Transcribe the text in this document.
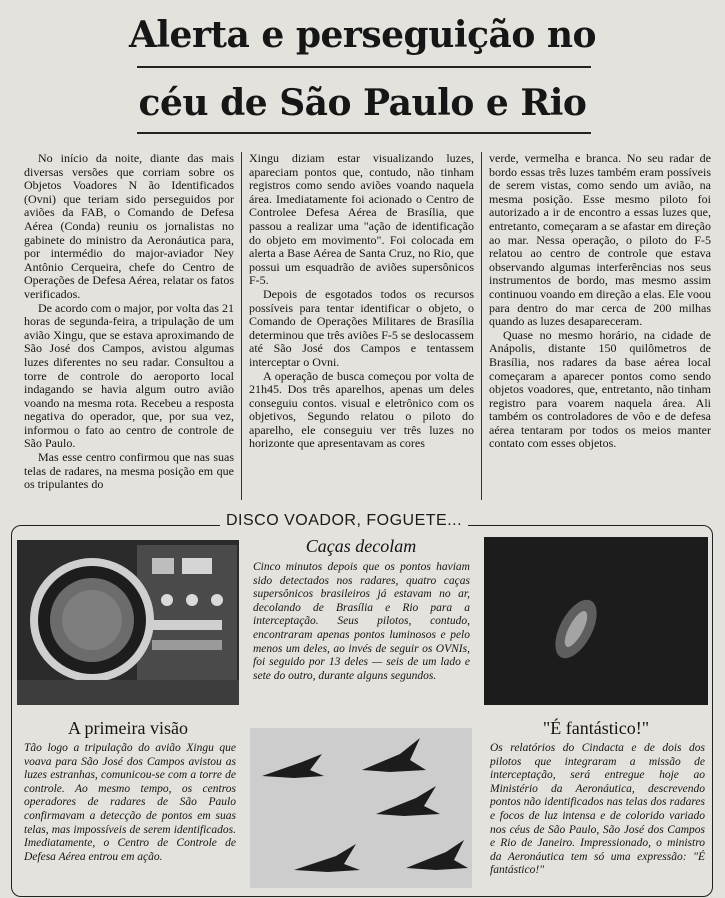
Alerta e perseguição no
céu de São Paulo e Rio

No início da noite, diante das mais diversas versões que corriam sobre os Objetos Voadores N ão Identificados (Ovni) que teriam sido perseguidos por aviões da FAB, o Comando de Defesa Aérea (Conda) reuniu os jornalistas no gabinete do ministro da Aeronáutica para, por intermédio do major-aviador Ney Antônio Cerqueira, chefe do Centro de Operações de Defesa Aérea, relatar os fatos verificados.

De acordo com o major, por volta das 21 horas de segunda-feira, a tripulação de um avião Xingu, que se estava aproximando de São José dos Campos, avistou algumas luzes diferentes no seu radar. Consultou a torre de controle do aeroporto local indagando se havia algum outro avião voando na mesma rota. Recebeu a resposta negativa do operador, que, por sua vez, informou o fato ao centro de controle de São Paulo.

Mas esse centro confirmou que nas suas telas de radares, na mesma posição em que os tripulantes do

Xingu diziam estar visualizando luzes, apareciam pontos que, contudo, não tinham registros como sendo aviões voando naquela área. Imediatamente foi acionado o Centro de Controlee Defesa Aérea de Brasília, que passou a realizar uma "ação de identificação do objeto em movimento". Foi colocada em alerta a Base Aérea de Santa Cruz, no Rio, que possui um esquadrão de aviões supersônicos F-5.

Depois de esgotados todos os recursos possíveis para tentar identificar o objeto, o Comando de Operações Militares de Brasília determinou que três aviões F-5 se deslocassem até São José dos Campos e tentassem interceptar o Ovni.

A operação de busca começou por volta de 21h45. Dos três aparelhos, apenas um deles conseguiu contos. visual e eletrônico com os objetivos, Segundo relatou o piloto do aparelho, ele conseguiu ver três luzes no horizonte que apresentavam as cores

verde, vermelha e branca. No seu radar de bordo essas três luzes também eram possíveis de serem vistas, como sendo um avião, na mesma posição. Esse mesmo piloto foi autorizado a ir de encontro a essas luzes que, entretanto, começaram a se afastar em direção ao mar. Nessa operação, o piloto do F-5 relatou ao centro de controle que estava observando algumas interferências nos seus instrumentos de bordo, mas mesmo assim continuou voando em direção a elas. Ele voou para dentro do mar cerca de 200 milhas quando as luzes desapareceram.

Quase no mesmo horário, na cidade de Anápolis, distante 150 quilômetros de Brasília, nos radares da base aérea local começaram a aparecer pontos como sendo objetos voadores, que, entretanto, não tinham registro para voarem naquela área. Ali também os controladores de vôo e de defesa aérea tentaram por todos os meios manter contato com esses objetos.

DISCO VOADOR, FOGUETE...
A primeira visão
Tão logo a tripulação do avião Xingu que voava para São José dos Campos avistou as luzes estranhas, comunicou-se com a torre de controle. Ao mesmo tempo, os centros operadores de radares de São Paulo confirmavam a detecção de pontos em suas telas, mas impossíveis de serem identificados. Imediatamente, o Centro de Controle de Defesa Aérea entrou em ação.
Caças decolam
Cinco minutos depois que os pontos haviam sido detectados nos radares, quatro caças supersônicos brasileiros já estavam no ar, decolando de Brasília e Rio para a interceptação. Seus pilotos, contudo, encontraram apenas pontos luminosos e pelo menos um deles, ao invés de seguir os OVNIs, foi seguido por 13 deles — seis de um lado e sete do outro, durante alguns segundos.
"É fantástico!"
Os relatórios do Cindacta e de dois dos pilotos que integraram a missão de interceptação, será entregue hoje ao Ministério da Aeronáutica, descrevendo pontos não identificados nas telas dos radares e focos de luz intensa e de colorido variado nos céus de São Paulo, São José dos Campos e Rio de Janeiro. Impressionado, o ministro da Aeronáutica tem só uma expressão: "É fantástico!"
